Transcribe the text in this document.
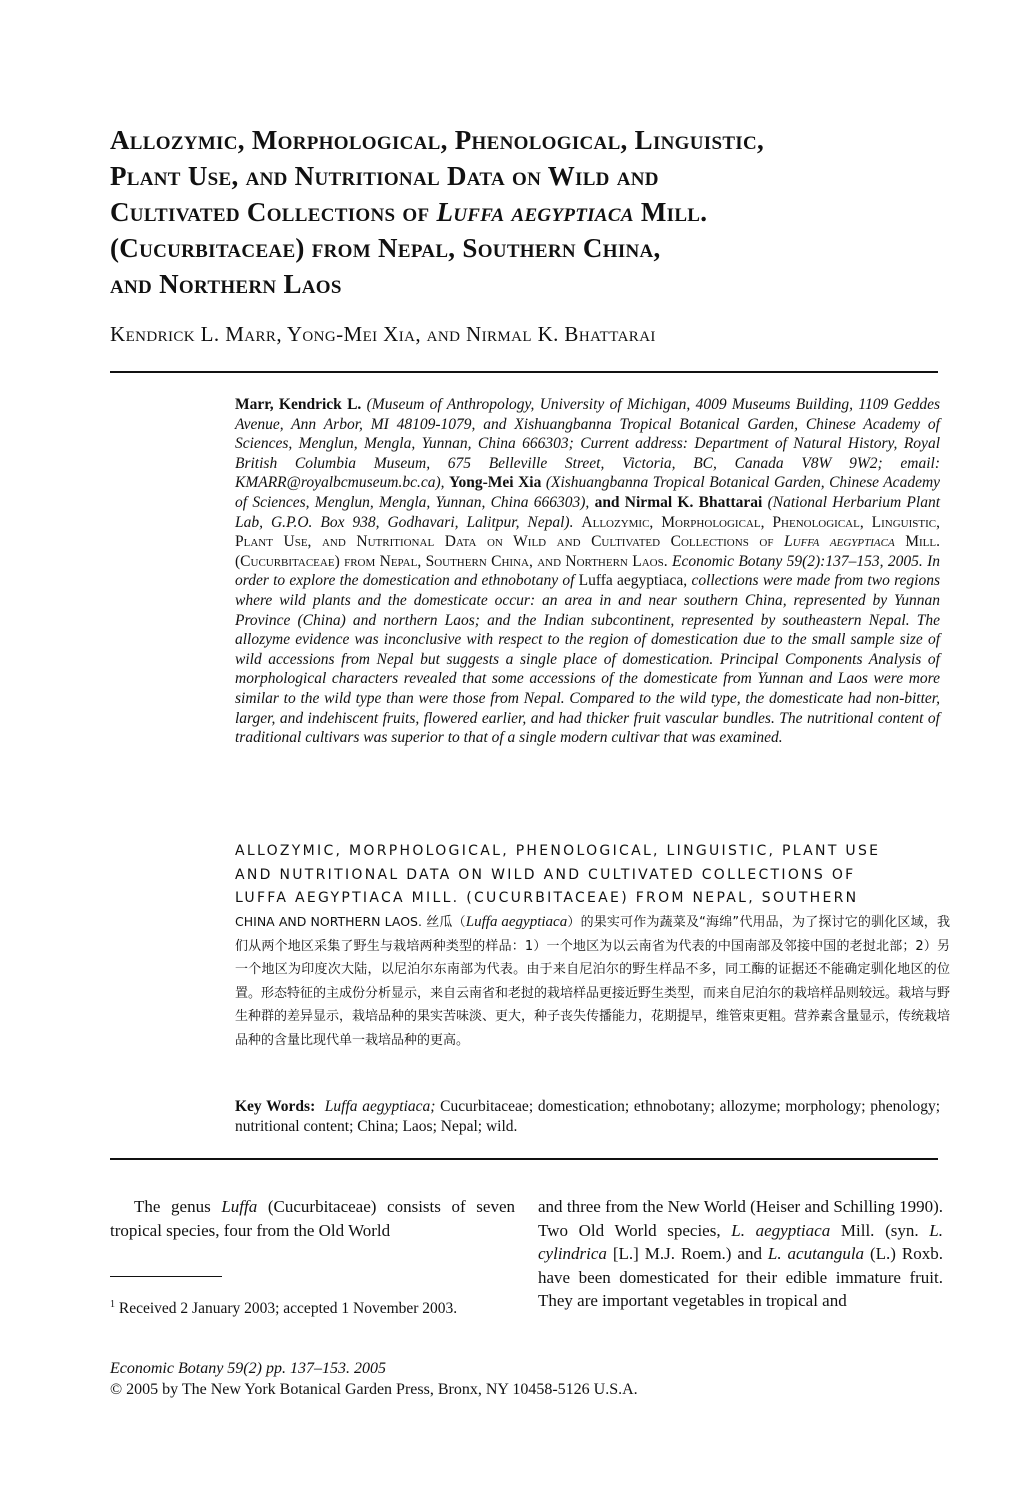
Allozymic, Morphological, Phenological, Linguistic,

Plant Use, and Nutritional Data on Wild and

Cultivated Collections of Luffa aegyptiaca Mill.

(Cucurbitaceae) from Nepal, Southern China,

and Northern Laos

Kendrick L. Marr, Yong-Mei Xia, and Nirmal K. Bhattarai

Marr, Kendrick L. (Museum of Anthropology, University of Michigan, 4009 Museums Building, 1109 Geddes Avenue, Ann Arbor, MI 48109-1079, and Xishuangbanna Tropical Botanical Garden, Chinese Academy of Sciences, Menglun, Mengla, Yunnan, China 666303; Current address: Department of Natural History, Royal British Columbia Museum, 675 Belleville Street, Victoria, BC, Canada V8W 9W2; email: KMARR@royalbcmuseum.bc.ca), Yong-Mei Xia (Xishuangbanna Tropical Botanical Garden, Chinese Academy of Sciences, Menglun, Mengla, Yunnan, China 666303), and Nirmal K. Bhattarai (National Herbarium Plant Lab, G.P.O. Box 938, Godhavari, Lalitpur, Nepal). Allozymic, Morphological, Phenological, Linguistic, Plant Use, and Nutritional Data on Wild and Cultivated Collections of Luffa aegyptiaca Mill. (Cucurbitaceae) from Nepal, Southern China, and Northern Laos. Economic Botany 59(2):137–153, 2005. In order to explore the domestication and ethnobotany of Luffa aegyptiaca, collections were made from two regions where wild plants and the domesticate occur: an area in and near southern China, represented by Yunnan Province (China) and northern Laos; and the Indian subcontinent, represented by southeastern Nepal. The allozyme evidence was inconclusive with respect to the region of domestication due to the small sample size of wild accessions from Nepal but suggests a single place of domestication. Principal Components Analysis of morphological characters revealed that some accessions of the domesticate from Yunnan and Laos were more similar to the wild type than were those from Nepal. Compared to the wild type, the domesticate had non-bitter, larger, and indehiscent fruits, flowered earlier, and had thicker fruit vascular bundles. The nutritional content of traditional cultivars was superior to that of a single modern cultivar that was examined.

ALLOZYMIC, MORPHOLOGICAL, PHENOLOGICAL, LINGUISTIC, PLANT USE

AND NUTRITIONAL DATA ON WILD AND CULTIVATED COLLECTIONS OF

LUFFA AEGYPTIACA MILL. (CUCURBITACEAE) FROM NEPAL, SOUTHERN

CHINA AND NORTHERN LAOS. 丝瓜（Luffa aegyptiaca）的果实可作为蔬菜及“海绵”代用品，为了探讨它的驯化区域，我们从两个地区采集了野生与栽培两种类型的样品：1）一个地区为以云南省为代表的中国南部及邻接中国的老挝北部；2）另一个地区为印度次大陆，以尼泊尔东南部为代表。由于来自尼泊尔的野生样品不多，同工酶的证据还不能确定驯化地区的位置。形态特征的主成份分析显示，来自云南省和老挝的栽培样品更接近野生类型，而来自尼泊尔的栽培样品则较远。栽培与野生种群的差异显示，栽培品种的果实苦味淡、更大，种子丧失传播能力，花期提早，维管束更粗。营养素含量显示，传统栽培品种的含量比现代单一栽培品种的更高。

Key Words: Luffa aegyptiaca; Cucurbitaceae; domestication; ethnobotany; allozyme; morphology; phenology; nutritional content; China; Laos; Nepal; wild.

The genus Luffa (Cucurbitaceae) consists of seven tropical species, four from the Old World

and three from the New World (Heiser and Schilling 1990). Two Old World species, L. aegyptiaca Mill. (syn. L. cylindrica [L.] M.J. Roem.) and L. acutangula (L.) Roxb. have been domesticated for their edible immature fruit. They are important vegetables in tropical and

$^1$ Received 2 January 2003; accepted 1 November 2003.

Economic Botany 59(2) pp. 137–153. 2005

© 2005 by The New York Botanical Garden Press, Bronx, NY 10458-5126 U.S.A.
